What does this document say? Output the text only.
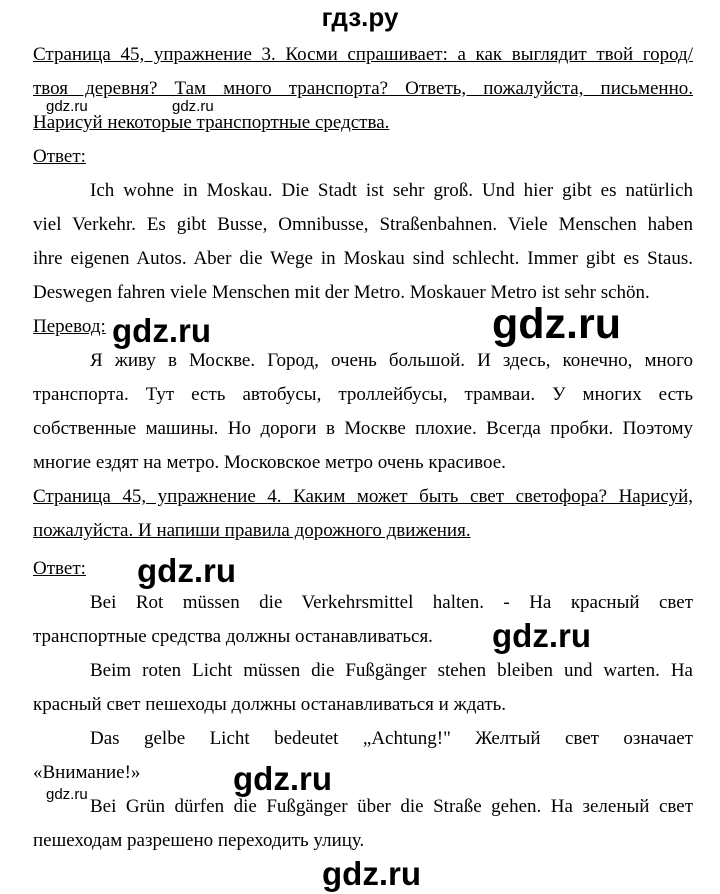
гдз.ру
Страница 45, упражнение 3. Косми спрашивает: а как выглядит твой город/
твоя деревня? Там много транспорта? Ответь, пожалуйста, письменно.
Нарисуй некоторые транспортные средства.
Ответ:
Ich wohne in Moskau. Die Stadt ist sehr groß. Und hier gibt es natürlich
viel Verkehr. Es gibt Busse, Omnibusse, Straßenbahnen. Viele Menschen haben
ihre eigenen Autos. Aber die Wege in Moskau sind schlecht. Immer gibt es Staus.
Deswegen fahren viele Menschen mit der Metro. Moskauer Metro ist sehr schön.
Перевод:
Я живу в Москве. Город, очень большой. И здесь, конечно, много
транспорта. Тут есть автобусы, троллейбусы, трамваи. У многих есть
собственные машины. Но дороги в Москве плохие. Всегда пробки. Поэтому
многие ездят на метро. Московское метро очень красивое.
Страница 45, упражнение 4. Каким может быть свет светофора? Нарисуй,
пожалуйста. И напиши правила дорожного движения.
Ответ:
Bei Rot müssen die Verkehrsmittel halten. - На красный свет
транспортные средства должны останавливаться.
Beim roten Licht müssen die Fußgänger stehen bleiben und warten. На
красный свет пешеходы должны останавливаться и ждать.
Das gelbe Licht bedeutet „Achtung!" Желтый свет означает
«Внимание!»
Bei Grün dürfen die Fußgänger über die Straße gehen. На зеленый свет
пешеходам разрешено переходить улицу.
gdz.ru	gdz.ru
gdz.ru	gdz.ru
gdz.ru
gdz.ru
gdz.ru
gdz.ru
gdz.ru
